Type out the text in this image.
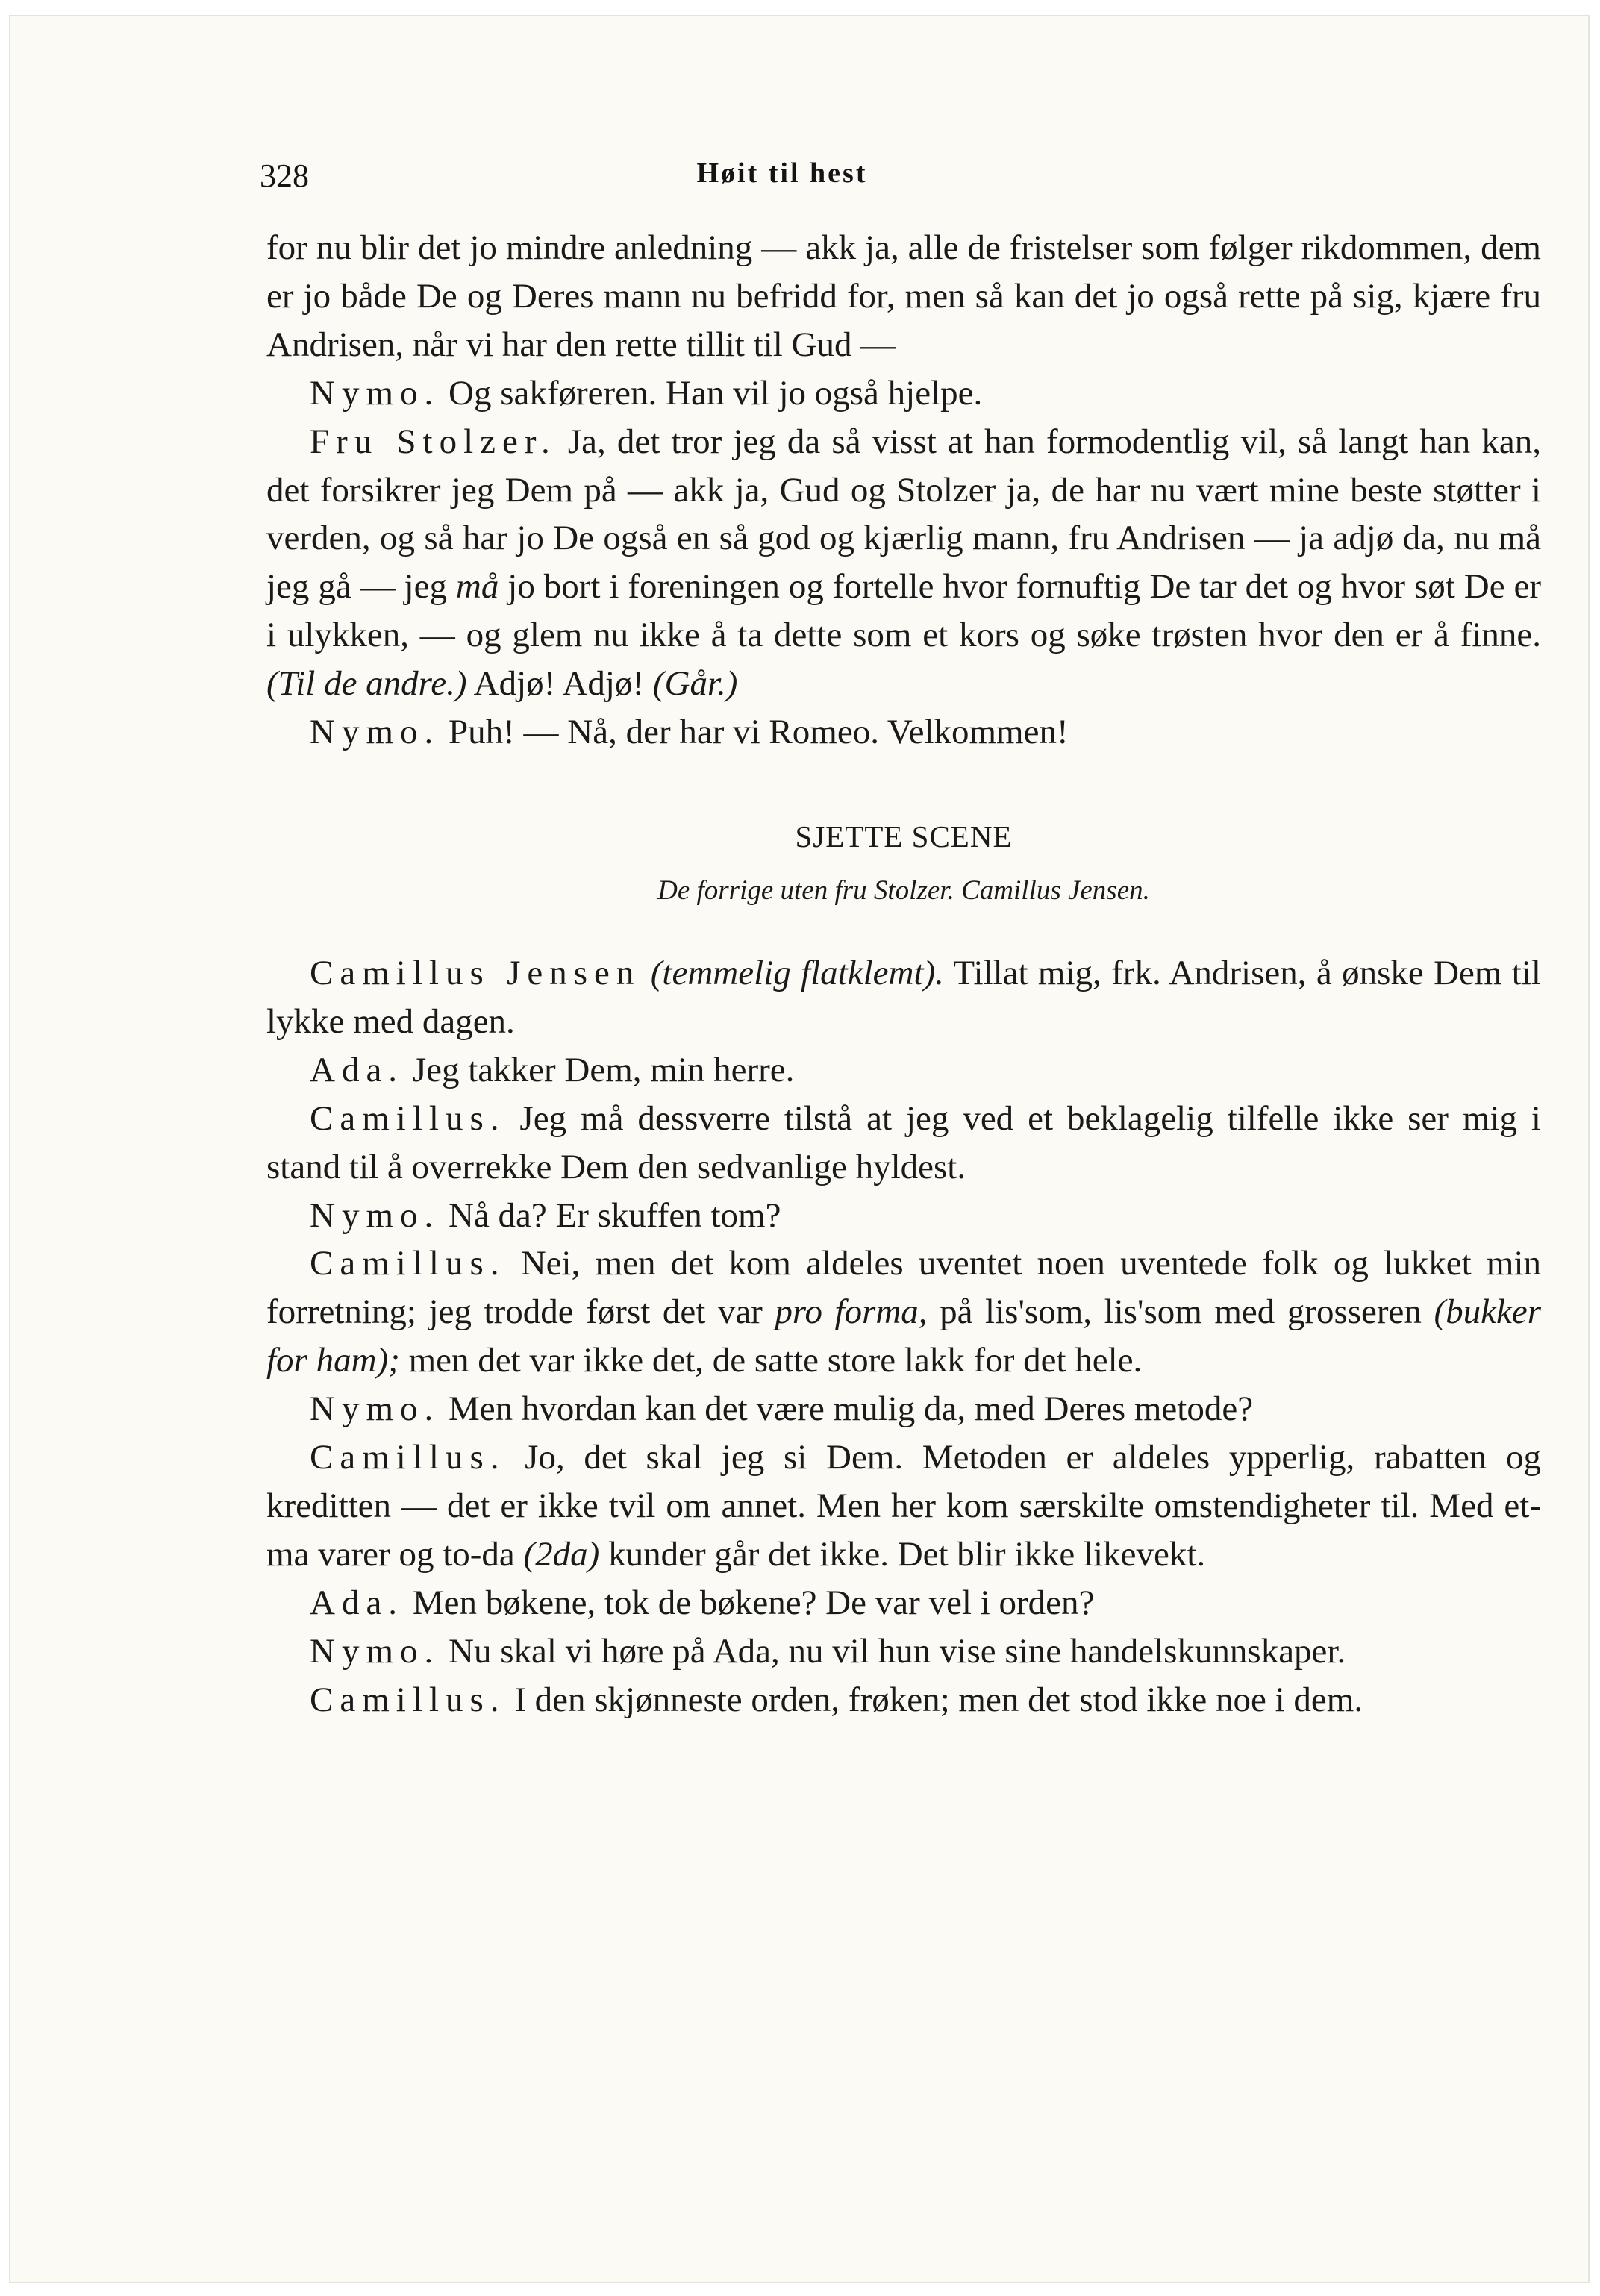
328	Høit til hest

for nu blir det jo mindre anledning — akk ja, alle de fristelser som følger rikdommen, dem er jo både De og Deres mann nu befridd for, men så kan det jo også rette på sig, kjære fru Andrisen, når vi har den rette tillit til Gud —

Nymo. Og sakføreren. Han vil jo også hjelpe.

Fru Stolzer. Ja, det tror jeg da så visst at han formodentlig vil, så langt han kan, det forsikrer jeg Dem på — akk ja, Gud og Stolzer ja, de har nu vært mine beste støtter i verden, og så har jo De også en så god og kjærlig mann, fru Andrisen — ja adjø da, nu må jeg gå — jeg må jo bort i foreningen og fortelle hvor fornuftig De tar det og hvor søt De er i ulykken, — og glem nu ikke å ta dette som et kors og søke trøsten hvor den er å finne. (Til de andre.) Adjø! Adjø! (Går.)

Nymo. Puh! — Nå, der har vi Romeo. Velkommen!

SJETTE SCENE

De forrige uten fru Stolzer. Camillus Jensen.

Camillus Jensen (temmelig flatklemt). Tillat mig, frk. Andrisen, å ønske Dem til lykke med dagen.

Ada. Jeg takker Dem, min herre.

Camillus. Jeg må dessverre tilstå at jeg ved et beklagelig tilfelle ikke ser mig i stand til å overrekke Dem den sedvanlige hyldest.

Nymo. Nå da? Er skuffen tom?

Camillus. Nei, men det kom aldeles uventet noen uventede folk og lukket min forretning; jeg trodde først det var pro forma, på lis'som, lis'som med grosseren (bukker for ham); men det var ikke det, de satte store lakk for det hele.

Nymo. Men hvordan kan det være mulig da, med Deres metode?

Camillus. Jo, det skal jeg si Dem. Metoden er aldeles ypperlig, rabatten og kreditten — det er ikke tvil om annet. Men her kom særskilte omstendigheter til. Med et-ma varer og to-da (2da) kunder går det ikke. Det blir ikke likevekt.

Ada. Men bøkene, tok de bøkene? De var vel i orden?

Nymo. Nu skal vi høre på Ada, nu vil hun vise sine handelskunnskaper.

Camillus. I den skjønneste orden, frøken; men det stod ikke noe i dem.
